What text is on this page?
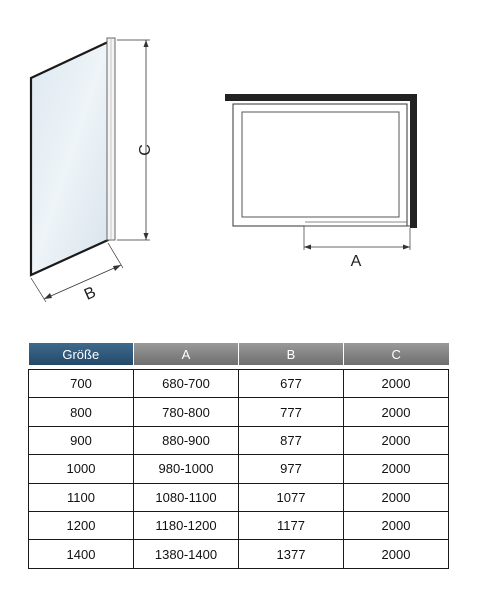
C
B
A
Größe	A	B	C

700	680-700	677	2000
800	780-800	777	2000
900	880-900	877	2000
1000	980-1000	977	2000
1100	1080-1100	1077	2000
1200	1180-1200	1177	2000
1400	1380-1400	1377	2000
